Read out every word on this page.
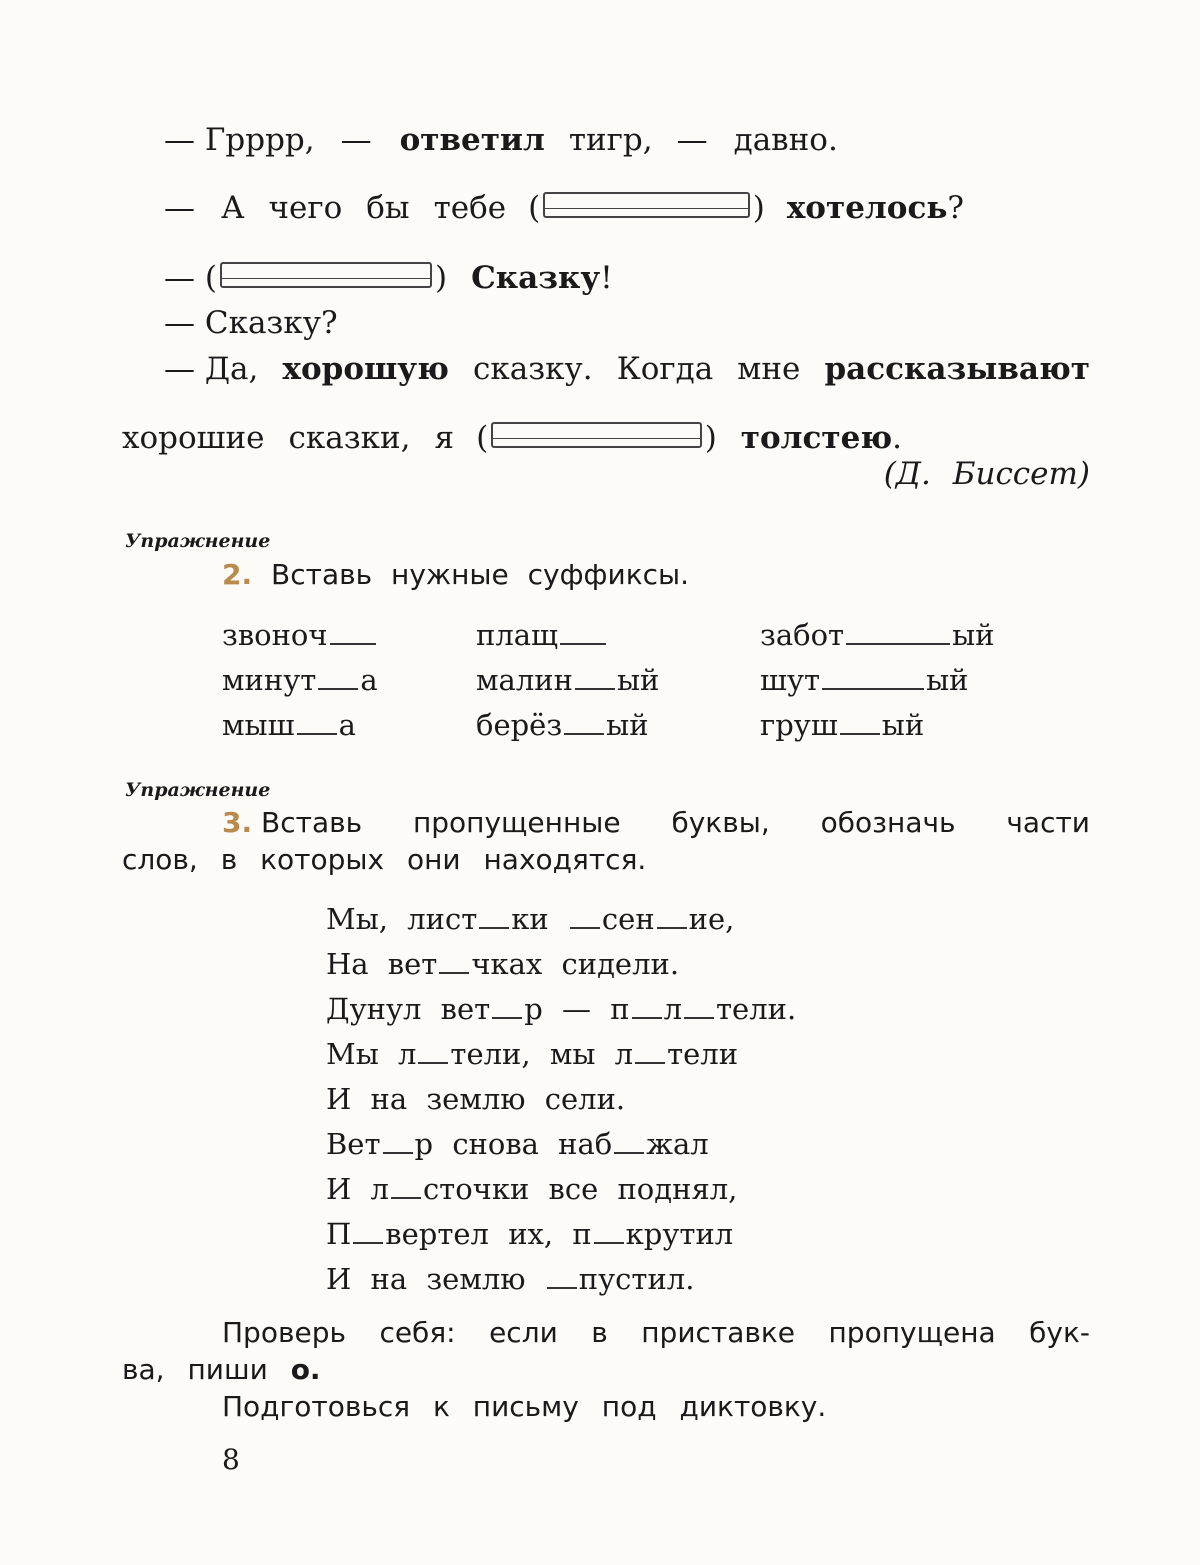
— Грррр, — ответил тигр, — давно.
— А чего бы тебе (	) хотелось ?
— (	) Сказку !
— Сказку?
— Да, хорошую сказку. Когда мне рассказывают
хорошие сказки, я (	) толстею .
(Д. Биссет)
Упражнение
2. Вставь нужные суффиксы.
звоноч	плащ	забот	ый
минут а	малин ый	шут	ый
мыш а	берёз ый	груш ый
Упражнение
3. Вставь пропущенные буквы, обозначь части
слов, в которых они находятся.
Мы, лист ки сен ие,
На вет чках сидели.
Дунул вет р — п л тели.
Мы л тели, мы л тели
И на землю сели.
Вет р снова наб жал
И л сточки все поднял,
П вертел их, п крутил
И на землю пустил.
Проверь себя: если в приставке пропущена бук-
ва, пиши о.
Подготовься к письму под диктовку.
8
